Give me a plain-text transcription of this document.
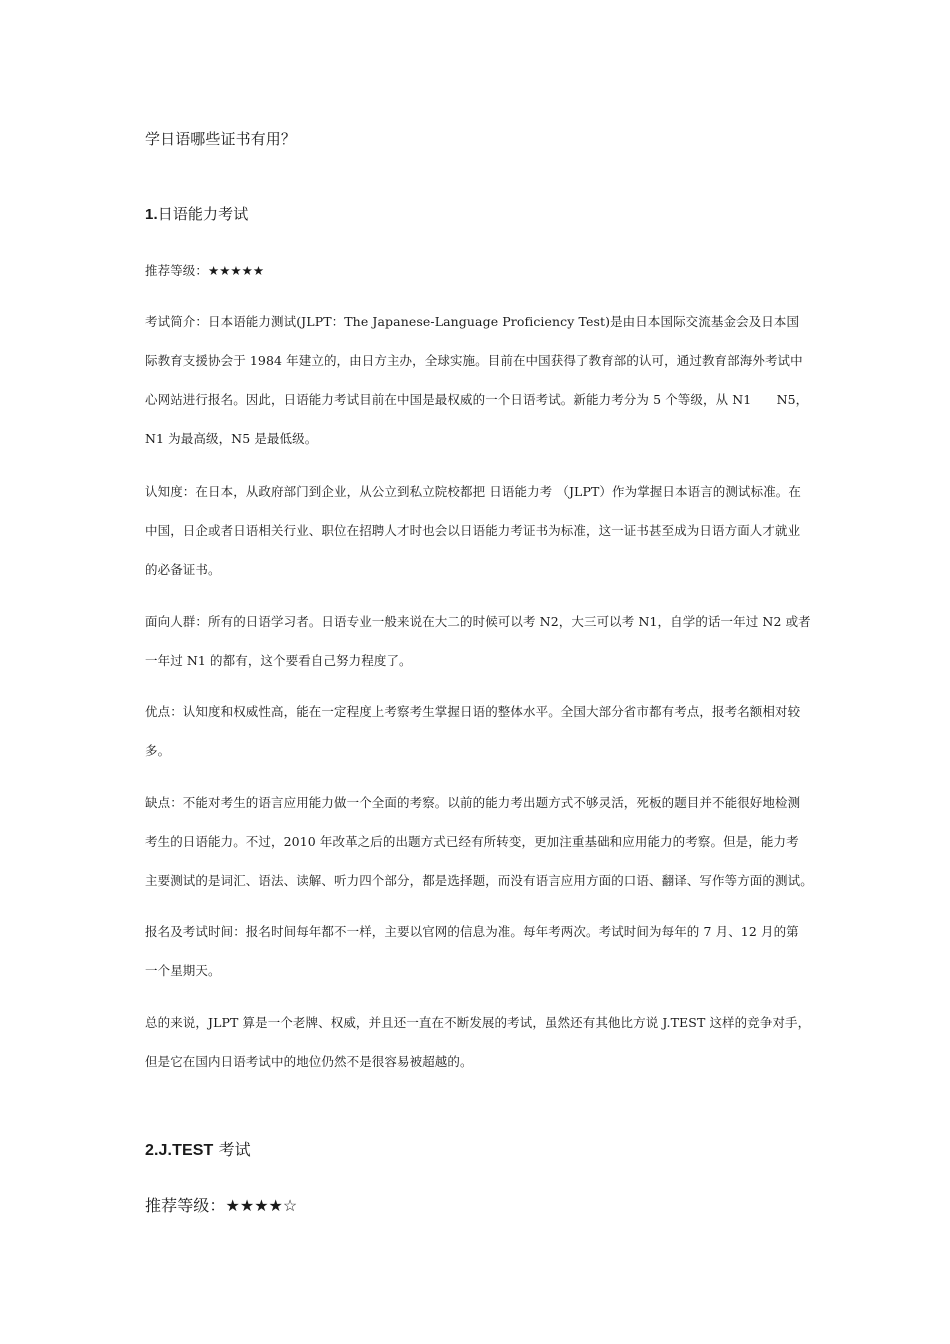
学日语哪些证书有用？
1.日语能力考试
推荐等级：★★★★★
考试简介：日本语能力测试(JLPT：The Japanese-Language Proficiency Test)是由日本国际交流基金会及日本国
际教育支援协会于 1984 年建立的，由日方主办，全球实施。目前在中国获得了教育部的认可，通过教育部海外考试中
心网站进行报名。因此，日语能力考试目前在中国是最权威的一个日语考试。新能力考分为 5 个等级，从 N1　　N5，
N1 为最高级，N5 是最低级。
认知度：在日本，从政府部门到企业，从公立到私立院校都把 日语能力考 （JLPT）作为掌握日本语言的测试标准。在
中国，日企或者日语相关行业、职位在招聘人才时也会以日语能力考证书为标准，这一证书甚至成为日语方面人才就业
的必备证书。
面向人群：所有的日语学习者。日语专业一般来说在大二的时候可以考 N2，大三可以考 N1，自学的话一年过 N2 或者
一年过 N1 的都有，这个要看自己努力程度了。
优点：认知度和权威性高，能在一定程度上考察考生掌握日语的整体水平。全国大部分省市都有考点，报考名额相对较
多。
缺点：不能对考生的语言应用能力做一个全面的考察。以前的能力考出题方式不够灵活，死板的题目并不能很好地检测
考生的日语能力。不过，2010 年改革之后的出题方式已经有所转变，更加注重基础和应用能力的考察。但是，能力考
主要测试的是词汇、语法、读解、听力四个部分，都是选择题，而没有语言应用方面的口语、翻译、写作等方面的测试。
报名及考试时间：报名时间每年都不一样，主要以官网的信息为准。每年考两次。考试时间为每年的 7 月、12 月的第
一个星期天。
总的来说，JLPT 算是一个老牌、权威，并且还一直在不断发展的考试，虽然还有其他比方说 J.TEST 这样的竞争对手，
但是它在国内日语考试中的地位仍然不是很容易被超越的。
2.J.TEST 考试
推荐等级：★★★★☆
